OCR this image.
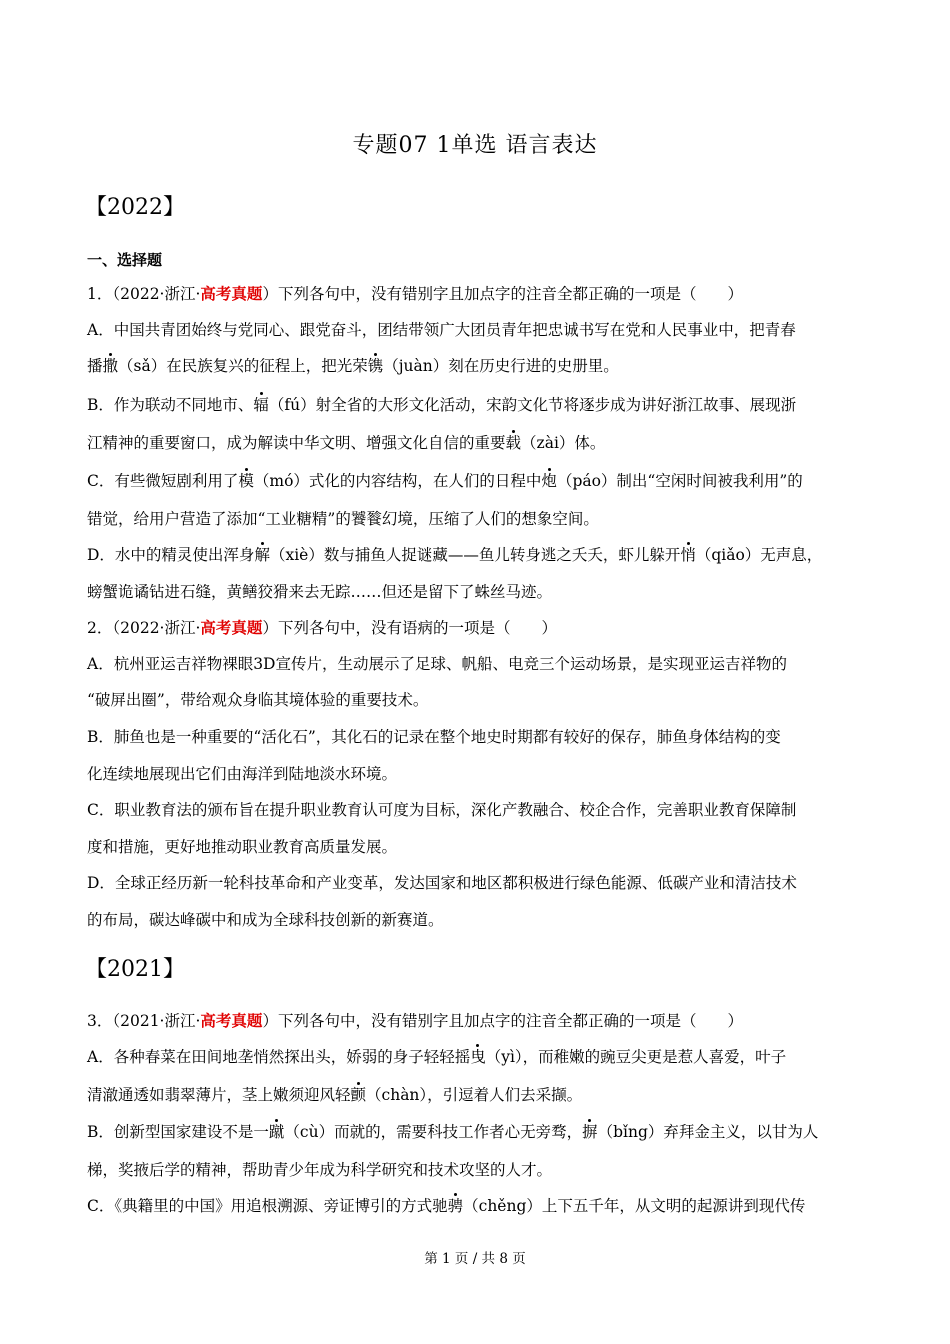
专题07 1单选 语言表达
【2022】
一、选择题
1．（2022·浙江·高考真题）下列各句中，没有错别字且加点字的注音全都正确的一项是（　　）
A．中国共青团始终与党同心、跟党奋斗，团结带领广大团员青年把忠诚书写在党和人民事业中，把青春
播撒（sǎ）在民族复兴的征程上，把光荣镌（juàn）刻在历史行进的史册里。
B．作为联动不同地市、辐（fú）射全省的大形文化活动，宋韵文化节将逐步成为讲好浙江故事、展现浙
江精神的重要窗口，成为解读中华文明、增强文化自信的重要载（zài）体。
C．有些微短剧利用了模（mó）式化的内容结构，在人们的日程中炮（páo）制出“空闲时间被我利用”的
错觉，给用户营造了添加“工业糖精”的饕餮幻境，压缩了人们的想象空间。
D．水中的精灵使出浑身解（xiè）数与捕鱼人捉谜藏——鱼儿转身逃之夭夭，虾儿躲开悄（qiǎo）无声息，
螃蟹诡谲钻进石缝，黄鳝狡猾来去无踪……但还是留下了蛛丝马迹。
2．（2022·浙江·高考真题）下列各句中，没有语病的一项是（　　）
A．杭州亚运吉祥物裸眼3D宣传片，生动展示了足球、帆船、电竞三个运动场景，是实现亚运吉祥物的
“破屏出圈”，带给观众身临其境体验的重要技术。
B．肺鱼也是一种重要的“活化石”，其化石的记录在整个地史时期都有较好的保存，肺鱼身体结构的变
化连续地展现出它们由海洋到陆地淡水环境。
C．职业教育法的颁布旨在提升职业教育认可度为目标，深化产教融合、校企合作，完善职业教育保障制
度和措施，更好地推动职业教育高质量发展。
D．全球正经历新一轮科技革命和产业变革，发达国家和地区都积极进行绿色能源、低碳产业和清洁技术
的布局，碳达峰碳中和成为全球科技创新的新赛道。
【2021】
3．（2021·浙江·高考真题）下列各句中，没有错别字且加点字的注音全都正确的一项是（　　）
A．各种春菜在田间地垄悄然探出头，娇弱的身子轻轻摇曳（yì），而稚嫩的豌豆尖更是惹人喜爱，叶子
清澈通透如翡翠薄片，茎上嫩须迎风轻颤（chàn），引逗着人们去采撷。
B．创新型国家建设不是一蹴（cù）而就的，需要科技工作者心无旁骛，摒（bǐng）弃拜金主义，以甘为人
梯，奖掖后学的精神，帮助青少年成为科学研究和技术攻坚的人才。
C．《典籍里的中国》用追根溯源、旁证博引的方式驰骋（chěng）上下五千年，从文明的起源讲到现代传
第 1 页 / 共 8 页
